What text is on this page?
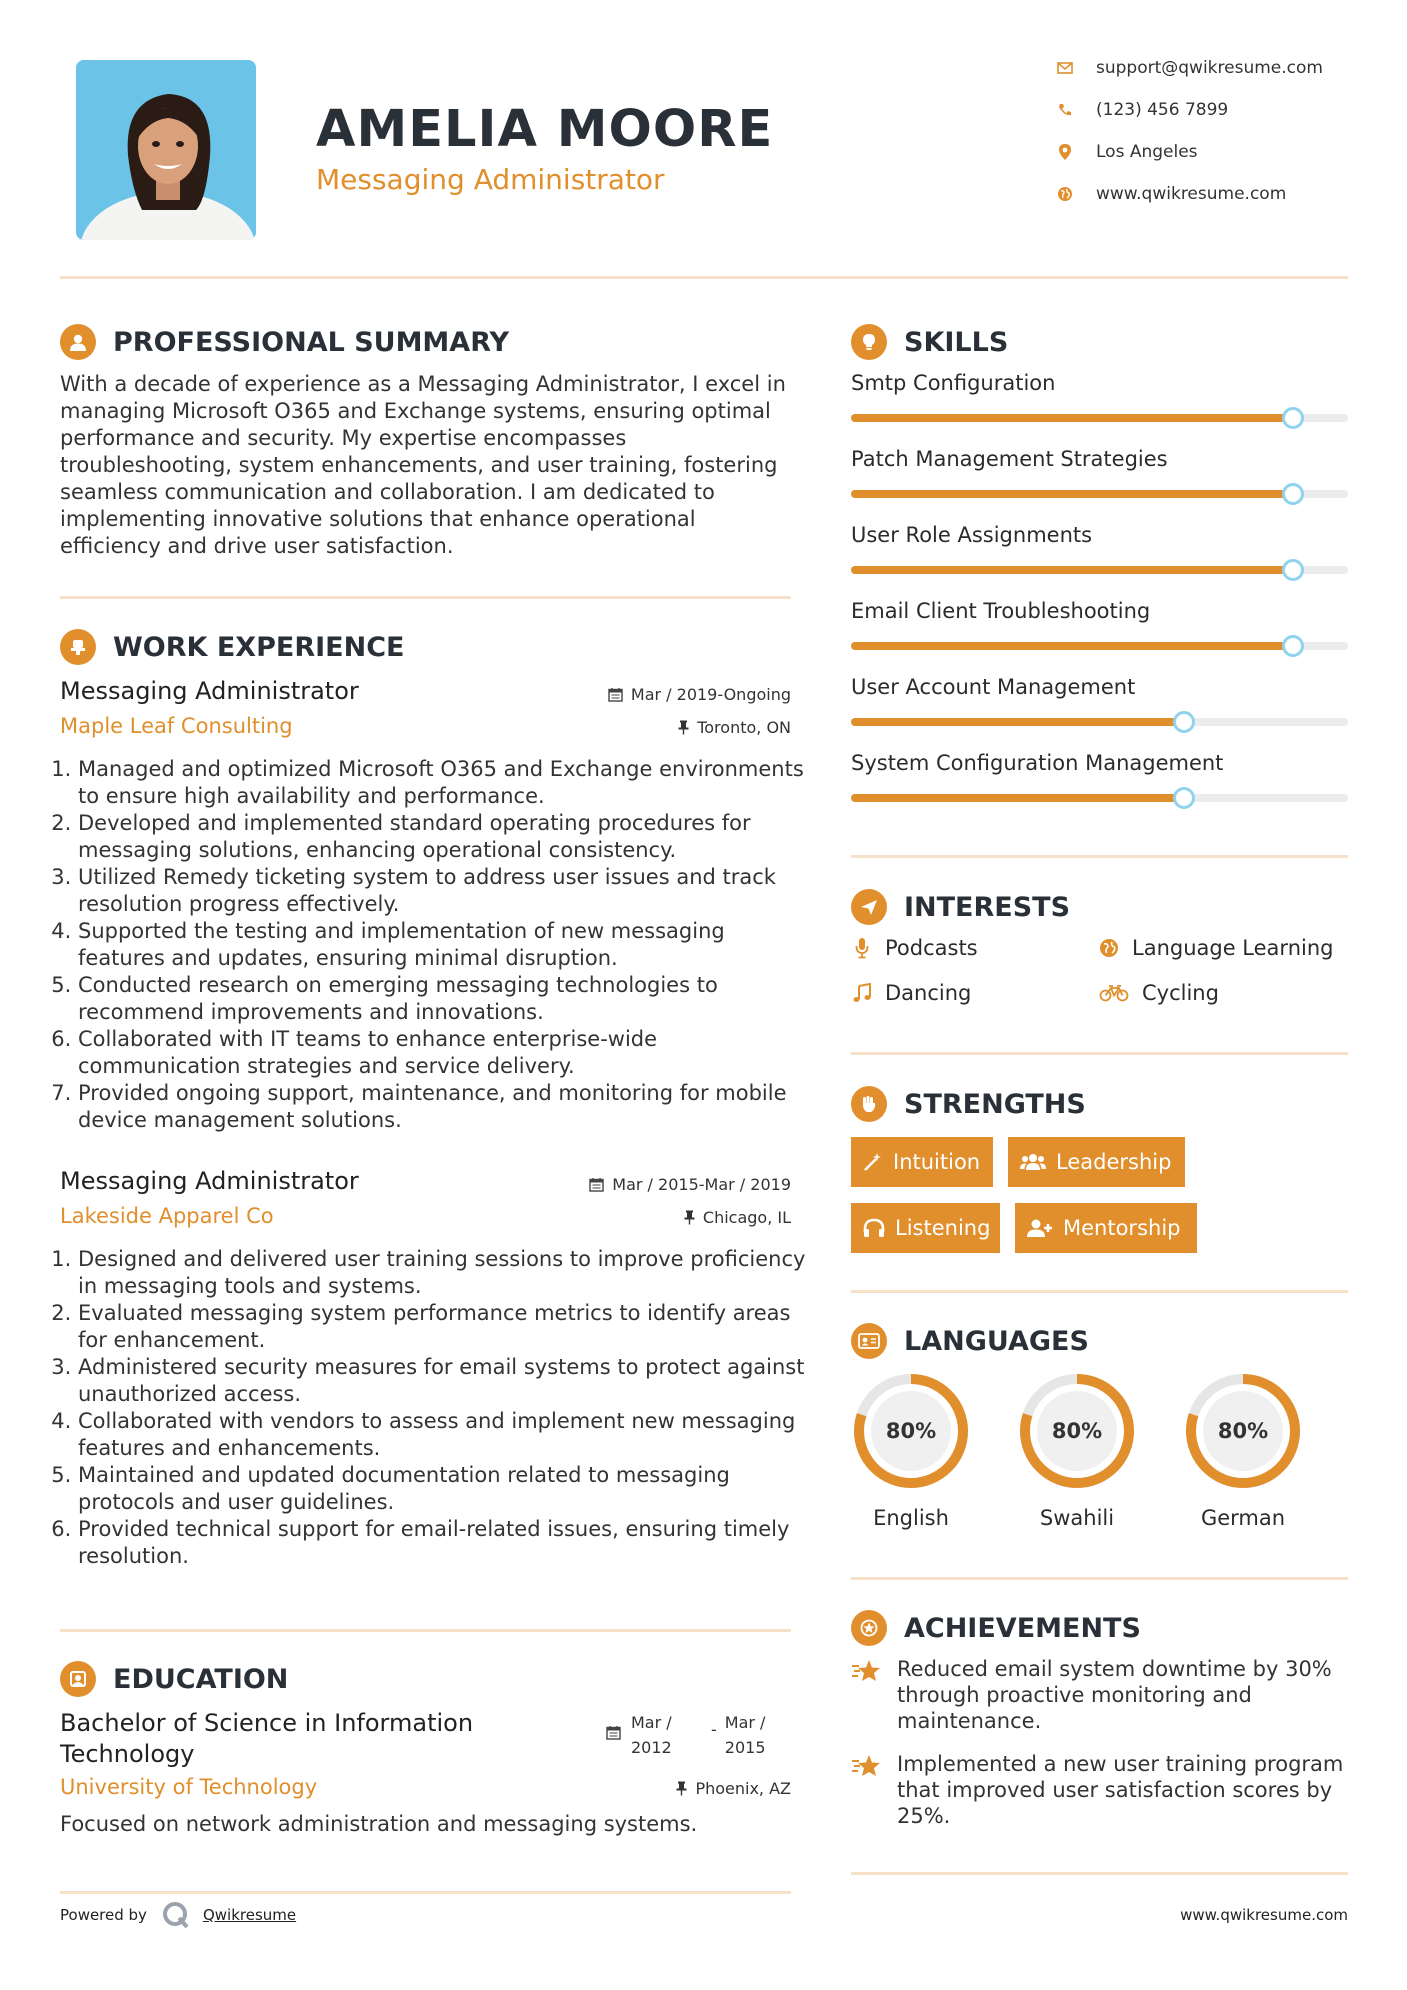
AMELIA MOORE
Messaging Administrator
support@qwikresume.com
(123) 456 7899
Los Angeles
www.qwikresume.com
PROFESSIONAL SUMMARY
With a decade of experience as a Messaging Administrator, I excel in managing Microsoft O365 and Exchange systems, ensuring optimal performance and security. My expertise encompasses troubleshooting, system enhancements, and user training, fostering seamless communication and collaboration. I am dedicated to implementing innovative solutions that enhance operational efficiency and drive user satisfaction.
WORK EXPERIENCE
Messaging Administrator	Mar / 2019-Ongoing
Maple Leaf Consulting	Toronto, ON
1. Managed and optimized Microsoft O365 and Exchange environments to ensure high availability and performance.
2. Developed and implemented standard operating procedures for messaging solutions, enhancing operational consistency.
3. Utilized Remedy ticketing system to address user issues and track resolution progress effectively.
4. Supported the testing and implementation of new messaging features and updates, ensuring minimal disruption.
5. Conducted research on emerging messaging technologies to recommend improvements and innovations.
6. Collaborated with IT teams to enhance enterprise-wide communication strategies and service delivery.
7. Provided ongoing support, maintenance, and monitoring for mobile device management solutions.
Messaging Administrator	Mar / 2015-Mar / 2019
Lakeside Apparel Co	Chicago, IL
1. Designed and delivered user training sessions to improve proficiency in messaging tools and systems.
2. Evaluated messaging system performance metrics to identify areas for enhancement.
3. Administered security measures for email systems to protect against unauthorized access.
4. Collaborated with vendors to assess and implement new messaging features and enhancements.
5. Maintained and updated documentation related to messaging protocols and user guidelines.
6. Provided technical support for email-related issues, ensuring timely resolution.
EDUCATION
Bachelor of Science in Information Technology
Mar / 2012
- Mar / 2015
University of Technology	Phoenix, AZ
Focused on network administration and messaging systems.
Powered by	Qwikresume
SKILLS
Smtp Configuration
Patch Management Strategies
User Role Assignments
Email Client Troubleshooting
User Account Management
System Configuration Management
INTERESTS
Podcasts	Language Learning
Dancing	Cycling
STRENGTHS
Intuition	Leadership
Listening	Mentorship
LANGUAGES
80%
English
80%
Swahili
80%
German
ACHIEVEMENTS
Reduced email system downtime by 30% through proactive monitoring and maintenance.
Implemented a new user training program that improved user satisfaction scores by 25%.
www.qwikresume.com
